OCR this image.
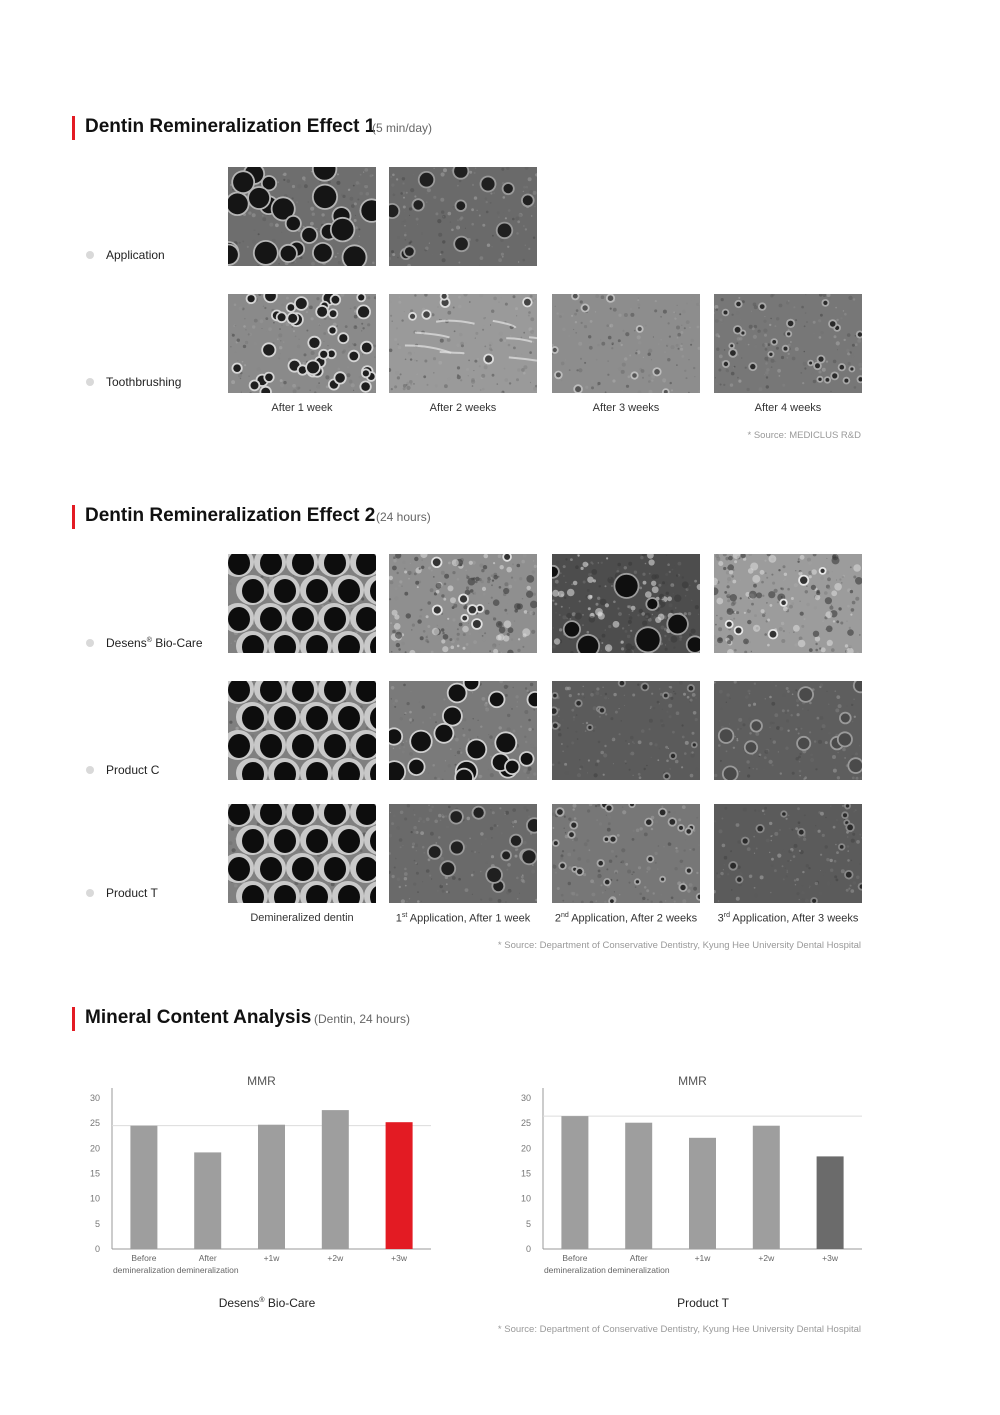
Dentin Remineralization Effect 1
(5 min/day)
Application
Toothbrushing
After 1 week	After 2 weeks	After 3 weeks	After 4 weeks
* Source: MEDICLUS R&D
Dentin Remineralization Effect 2 (24 hours)
Desens® Bio-Care
Product C
Product T
Demineralized dentin	1st Application, After 1 week	2nd Application, After 2 weeks	3rd Application, After 3 weeks
* Source: Department of Conservative Dentistry, Kyung Hee University Dental Hospital
Mineral Content Analysis (Dentin, 24 hours)
MMR
0
5
10
15
20
25
30
Before
demineralization
After
demineralization
+1w	+2w	+3w
MMR
0
5
10
15
20
25
30
Before
demineralization
After
demineralization
+1w	+2w	+3w
Desens® Bio-Care	Product T
* Source: Department of Conservative Dentistry, Kyung Hee University Dental Hospital
